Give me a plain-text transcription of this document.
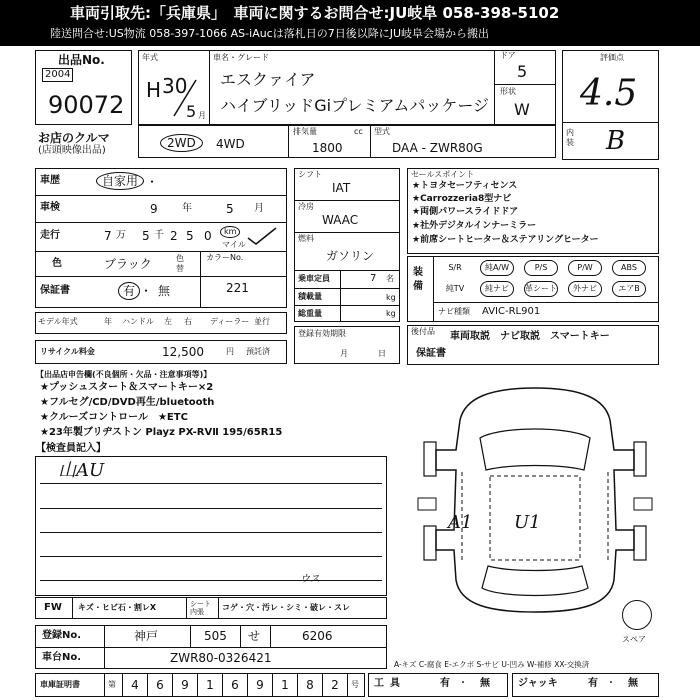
車両引取先:「兵庫県」　車両に関するお問合せ:JU岐阜 058-398-5102
陸送問合せ:US物流 058-397-1066 AS-iAucは落札日の7日後以降にJU岐阜会場から搬出
出品No.
2004
90072
お店のクルマ
(店頭映像出品)
年式
H 30
5 月
車名・グレード
エスクァイア
ハイブリッドGiプレミアムパッケージ
ドア
5
形状
W
評価点
4.5
内装 B
2WD	4WD
排気量	cc
1800
型式
DAA - ZWR80G
車歴	自家用 ・
車検	9 年	5 月
走行	7 万 5 千 2 5 0	km
マイル
色	ブラック	色替
カラーNo.
221
保証書	有 ・ 無
モデル年式	年 ハンドル 左 右 ディーラー 並行
リサイクル料金	12,500	円 預託済
シフト
IAT
冷房
WAAC
燃料
ガソリン
乗車定員	7 名
積載量	kg
総重量	kg
登録有効期限
月	日
セールスポイント
★トヨタセーフティセンス
★Carrozzeria8型ナビ
★両側パワースライドドア
★社外デジタルインナーミラー
★前席シートヒーター＆ステアリングヒーター
装備
S/R	純A/W	P/S	P/W	ABS
純TV	純ナビ	革シート	外ナビ	エアB
ナビ種類 AVIC-RL901
後付品 車両取説　ナビ取説　スマートキー
保証書
【出品店申告欄(不良個所・欠品・注意事項等)】
★プッシュスタート＆スマートキー×2
★フルセグ/CD/DVD再生/bluetooth
★クルーズコントロール　★ETC
★23年製ブリヂストン Playz PX-RVⅡ 195/65R15
【検査員記入】
山AU
A1 U1
スペア
ウス
FW キズ・ヒビ石・割レX	シート内張
コゲ・穴・汚レ・シミ・破レ・スレ
登録No.	神戸	505 せ	6206
車台No.	ZWR80-0326421	A-キズ C-腐食 E-エクボ S-サビ U-凹み W-補修 XX-交換済
車庫証明書	第	4	6	9	1	6	9	1	8	2	号 工具	有 ・ 無	ジャッキ	有 ・ 無
